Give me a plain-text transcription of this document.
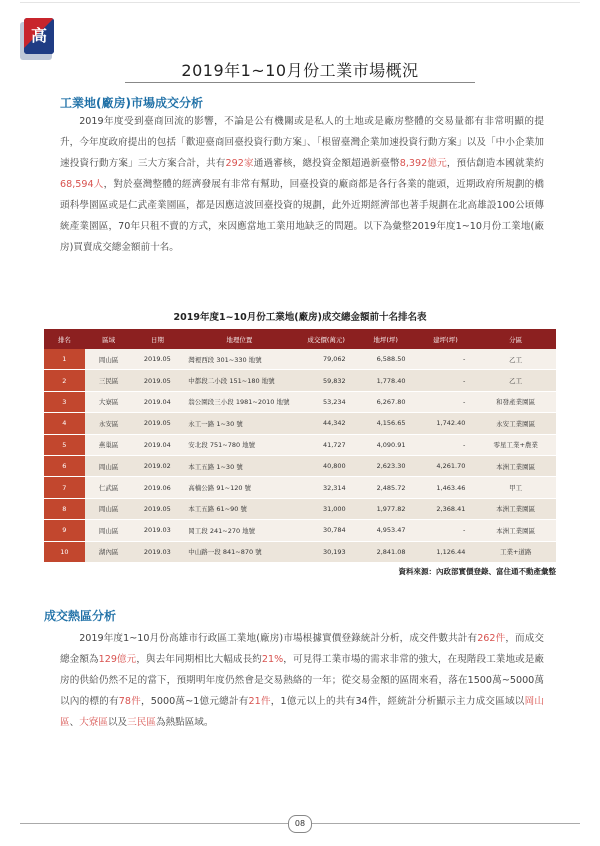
高
2019年1~10月份工業市場概況
工業地(廠房)市場成交分析

2019年度受到臺商回流的影響，不論是公有機關或是私人的土地或是廠房整體的交易量都有非常明顯的提升，今年度政府提出的包括「歡迎臺商回臺投資行動方案」、「根留臺灣企業加速投資行動方案」以及「中小企業加速投資行動方案」三大方案合計，共有292家通過審核，總投資金額超過新臺幣8,392億元，預估創造本國就業約68,594人，對於臺灣整體的經濟發展有非常有幫助，回臺投資的廠商都是各行各業的龍頭，近期政府所規劃的橋頭科學園區或是仁武產業園區，都是因應這波回臺投資的規劃，此外近期經濟部也著手規劃在北高雄設100公頃傳統產業園區，70年只租不賣的方式，來因應當地工業用地缺乏的問題。以下為彙整2019年度1~10月份工業地(廠房)買賣成交總金額前十名。

2019年度1~10月份工業地(廠房)成交總金額前十名排名表
排名	區域	日期	地理位置	成交價(萬元)	地坪(坪)	建坪(坪)	分區
1	岡山區	2019.05	灣裡西段 301~330 地號	79,062	6,588.50	-	乙工
2	三民區	2019.05	中都段二小段 151~180 地號	59,832	1,778.40	-	乙工
3	大寮區	2019.04	翁公園段三小段 1981~2010 地號	53,234	6,267.80	-	和發產業園區
4	永安區	2019.05	永工一路 1~30 號	44,342	4,156.65	1,742.40	永安工業園區
5	燕巢區	2019.04	安北段 751~780 地號	41,727	4,090.91	-	零星工業+農業
6	岡山區	2019.02	本工五路 1~30 號	40,800	2,623.30	4,261.70	本洲工業園區
7	仁武區	2019.06	高楠公路 91~120 號	32,314	2,485.72	1,463.46	甲工
8	岡山區	2019.05	本工五路 61~90 號	31,000	1,977.82	2,368.41	本洲工業園區
9	岡山區	2019.03	岡工段 241~270 地號	30,784	4,953.47	-	本洲工業園區
10	湖內區	2019.03	中山路一段 841~870 號	30,193	2,841.08	1,126.44	工業+道路
資料來源：內政部實價登錄、富住通不動產彙整
成交熱區分析

2019年度1~10月份高雄市行政區工業地(廠房)市場根據實價登錄統計分析，成交件數共計有262件，而成交總金額為129億元，與去年同期相比大幅成長約21%，可見得工業市場的需求非常的強大，在現階段工業地或是廠房的供給仍然不足的當下，預期明年度仍然會是交易熱絡的一年；從交易金額的區間來看，落在1500萬~5000萬以內的標的有78件，5000萬~1億元總計有21件，1億元以上的共有34件，經統計分析顯示主力成交區域以岡山區、大寮區以及三民區為熱點區域。

08
